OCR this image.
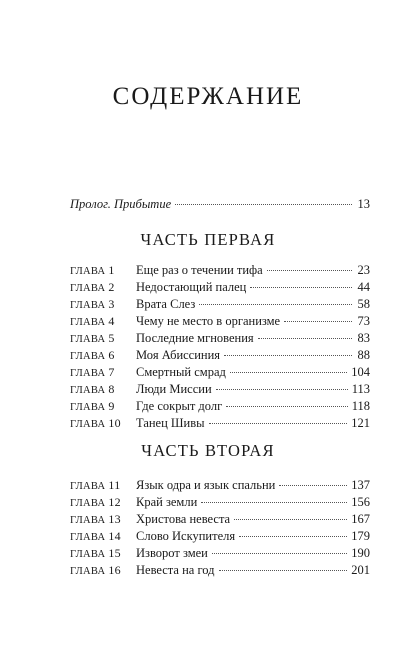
СОДЕРЖАНИЕ
Пролог. Прибытие	13
ЧАСТЬ ПЕРВАЯ
ГЛАВА 1	Еще раз о течении тифа	23
ГЛАВА 2	Недостающий палец	44
ГЛАВА 3	Врата Слез	58
ГЛАВА 4	Чему не место в организме	73
ГЛАВА 5	Последние мгновения	83
ГЛАВА 6	Моя Абиссиния	88
ГЛАВА 7	Смертный смрад	104
ГЛАВА 8	Люди Миссии	113
ГЛАВА 9	Где сокрыт долг	118
ГЛАВА 10	Танец Шивы	121
ЧАСТЬ ВТОРАЯ
ГЛАВА 11	Язык одра и язык спальни	137
ГЛАВА 12	Край земли	156
ГЛАВА 13	Христова невеста	167
ГЛАВА 14	Слово Искупителя	179
ГЛАВА 15	Изворот змеи	190
ГЛАВА 16	Невеста на год	201
